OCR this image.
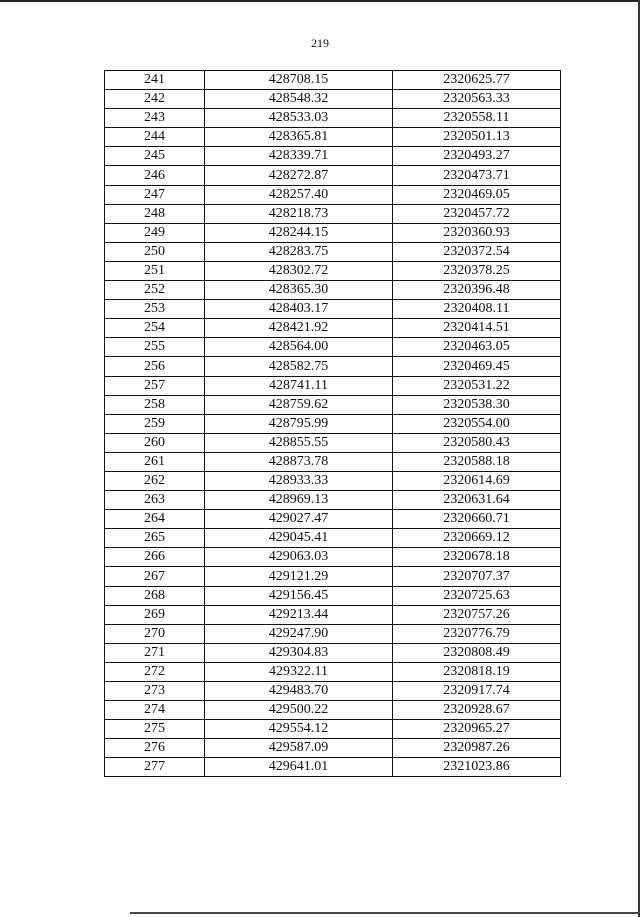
219
241	428708.15	2320625.77
242	428548.32	2320563.33
243	428533.03	2320558.11
244	428365.81	2320501.13
245	428339.71	2320493.27
246	428272.87	2320473.71
247	428257.40	2320469.05
248	428218.73	2320457.72
249	428244.15	2320360.93
250	428283.75	2320372.54
251	428302.72	2320378.25
252	428365.30	2320396.48
253	428403.17	2320408.11
254	428421.92	2320414.51
255	428564.00	2320463.05
256	428582.75	2320469.45
257	428741.11	2320531.22
258	428759.62	2320538.30
259	428795.99	2320554.00
260	428855.55	2320580.43
261	428873.78	2320588.18
262	428933.33	2320614.69
263	428969.13	2320631.64
264	429027.47	2320660.71
265	429045.41	2320669.12
266	429063.03	2320678.18
267	429121.29	2320707.37
268	429156.45	2320725.63
269	429213.44	2320757.26
270	429247.90	2320776.79
271	429304.83	2320808.49
272	429322.11	2320818.19
273	429483.70	2320917.74
274	429500.22	2320928.67
275	429554.12	2320965.27
276	429587.09	2320987.26
277	429641.01	2321023.86
